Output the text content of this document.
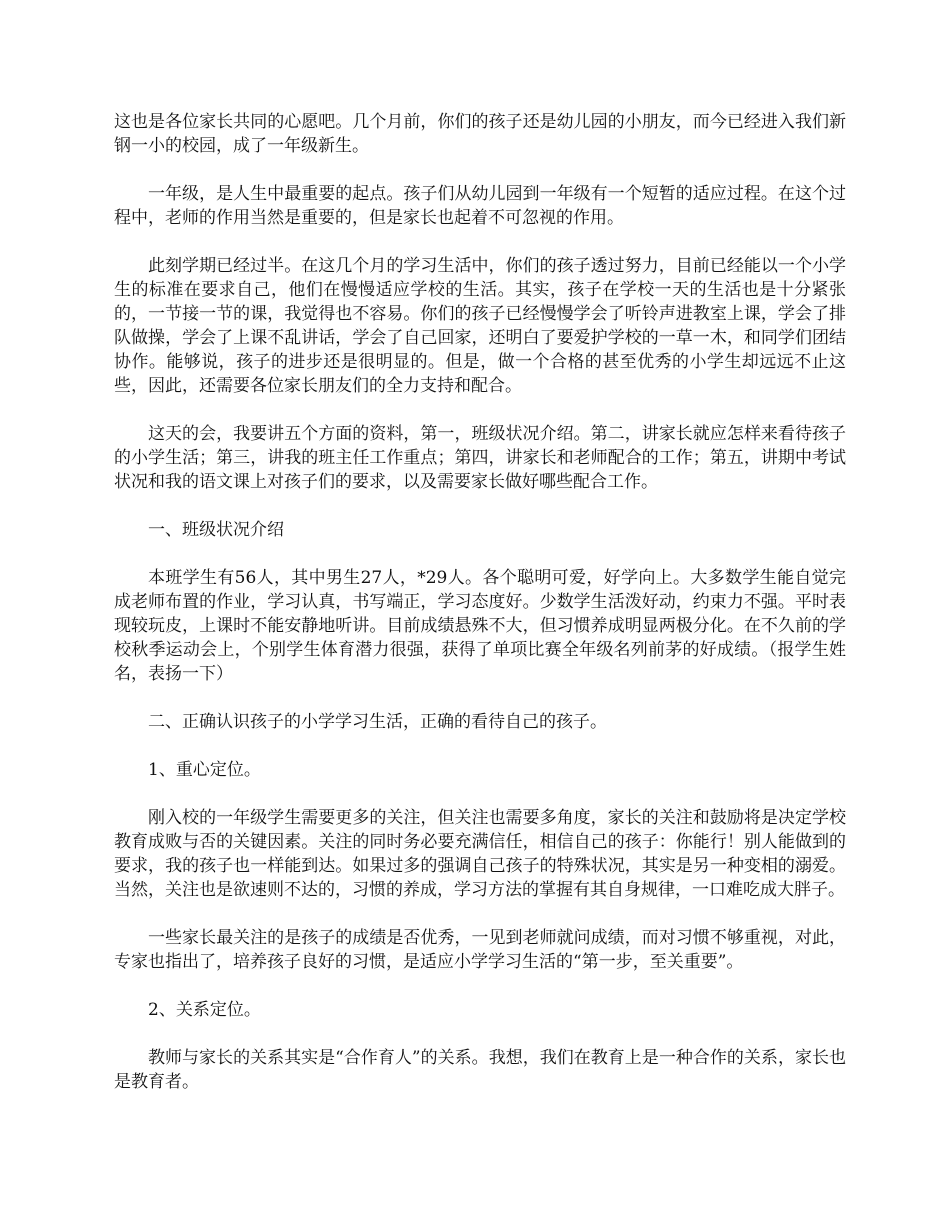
这也是各位家长共同的心愿吧。几个月前，你们的孩子还是幼儿园的小朋友，而今已经进入我们新钢一小的校园，成了一年级新生。

一年级，是人生中最重要的起点。孩子们从幼儿园到一年级有一个短暂的适应过程。在这个过程中，老师的作用当然是重要的，但是家长也起着不可忽视的作用。

此刻学期已经过半。在这几个月的学习生活中，你们的孩子透过努力，目前已经能以一个小学生的标准在要求自己，他们在慢慢适应学校的生活。其实，孩子在学校一天的生活也是十分紧张的，一节接一节的课，我觉得也不容易。你们的孩子已经慢慢学会了听铃声进教室上课，学会了排队做操，学会了上课不乱讲话，学会了自己回家，还明白了要爱护学校的一草一木，和同学们团结协作。能够说，孩子的进步还是很明显的。但是，做一个合格的甚至优秀的小学生却远远不止这些，因此，还需要各位家长朋友们的全力支持和配合。

这天的会，我要讲五个方面的资料，第一，班级状况介绍。第二，讲家长就应怎样来看待孩子的小学生活；第三，讲我的班主任工作重点；第四，讲家长和老师配合的工作；第五，讲期中考试状况和我的语文课上对孩子们的要求，以及需要家长做好哪些配合工作。

一、班级状况介绍

本班学生有56人，其中男生27人，*29人。各个聪明可爱，好学向上。大多数学生能自觉完成老师布置的作业，学习认真，书写端正，学习态度好。少数学生活泼好动，约束力不强。平时表现较玩皮，上课时不能安静地听讲。目前成绩悬殊不大，但习惯养成明显两极分化。在不久前的学校秋季运动会上，个别学生体育潜力很强，获得了单项比赛全年级名列前茅的好成绩。（报学生姓名，表扬一下）

二、正确认识孩子的小学学习生活，正确的看待自己的孩子。

1、重心定位。

刚入校的一年级学生需要更多的关注，但关注也需要多角度，家长的关注和鼓励将是决定学校教育成败与否的关键因素。关注的同时务必要充满信任，相信自己的孩子：你能行！别人能做到的要求，我的孩子也一样能到达。如果过多的强调自己孩子的特殊状况，其实是另一种变相的溺爱。当然，关注也是欲速则不达的，习惯的养成，学习方法的掌握有其自身规律，一口难吃成大胖子。

一些家长最关注的是孩子的成绩是否优秀，一见到老师就问成绩，而对习惯不够重视，对此，专家也指出了，培养孩子良好的习惯，是适应小学学习生活的“第一步，至关重要”。

2、关系定位。

教师与家长的关系其实是“合作育人”的关系。我想，我们在教育上是一种合作的关系，家长也是教育者。
